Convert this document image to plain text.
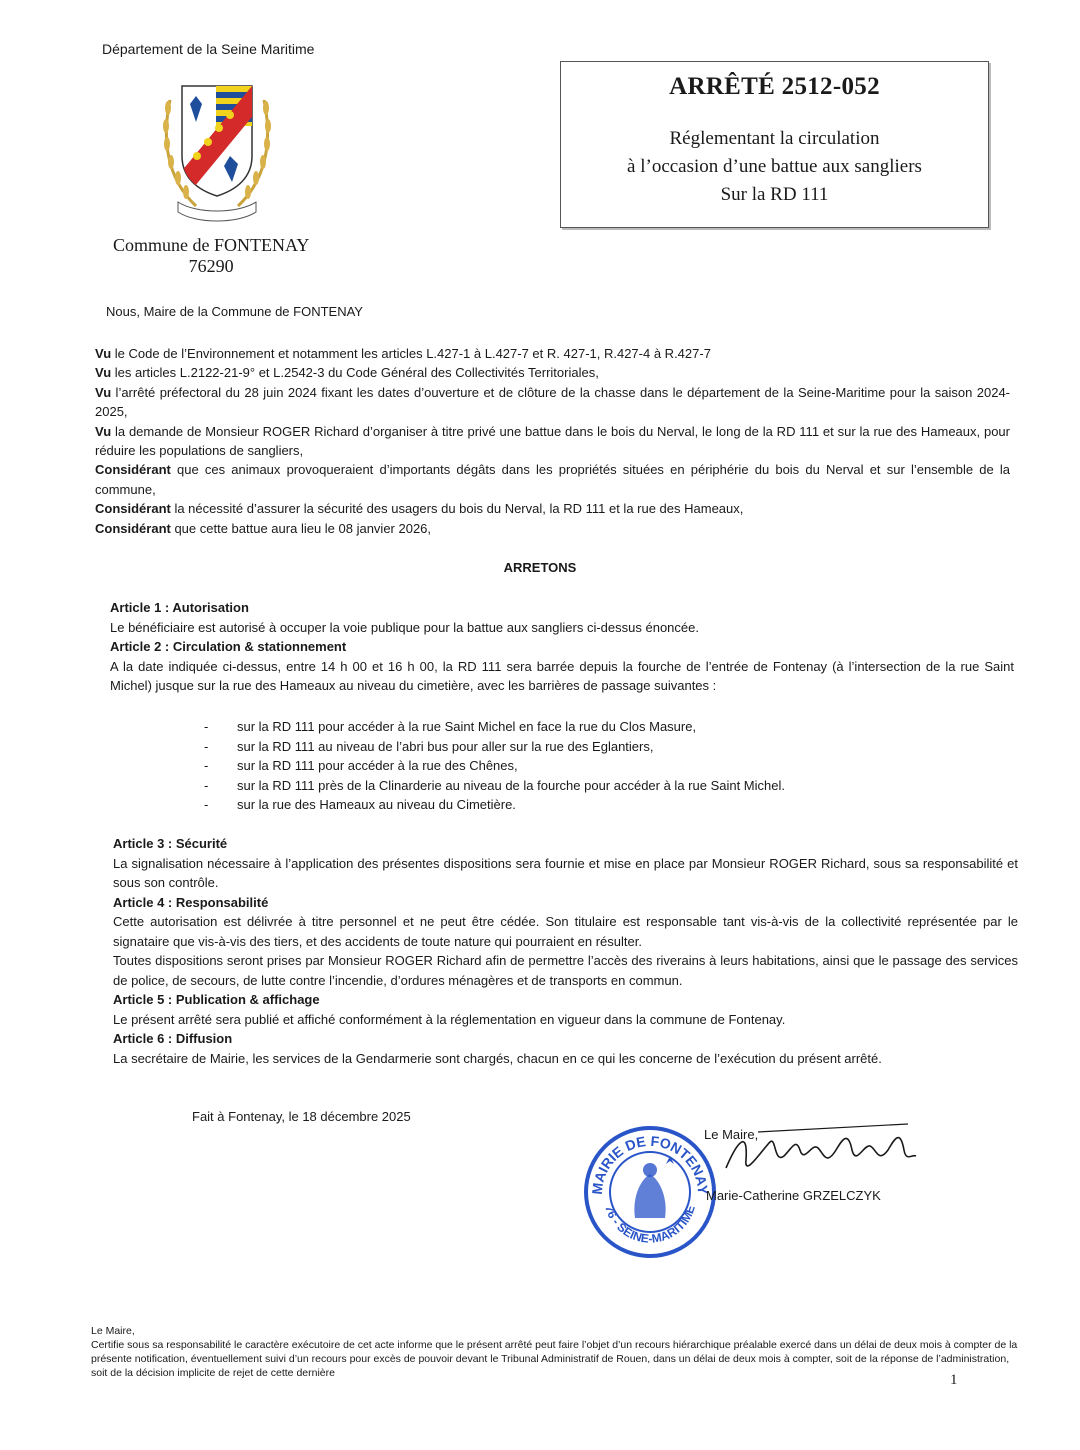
Département de la Seine Maritime
Commune de FONTENAY
76290
ARRÊTÉ 2512-052
Réglementant la circulation
à l’occasion d’une battue aux sangliers
Sur la RD 111
Nous, Maire de la Commune de FONTENAY

Vu le Code de l’Environnement et notamment les articles L.427-1 à L.427-7 et R. 427-1, R.427-4 à R.427-7

Vu les articles L.2122-21-9° et L.2542-3 du Code Général des Collectivités Territoriales,

Vu l’arrêté préfectoral du 28 juin 2024 fixant les dates d’ouverture et de clôture de la chasse dans le département de la Seine-Maritime pour la saison 2024-2025,

Vu la demande de Monsieur ROGER Richard d’organiser à titre privé une battue dans le bois du Nerval, le long de la RD 111 et sur la rue des Hameaux, pour réduire les populations de sangliers,

Considérant que ces animaux provoqueraient d’importants dégâts dans les propriétés situées en périphérie du bois du Nerval et sur l’ensemble de la commune,

Considérant la nécessité d’assurer la sécurité des usagers du bois du Nerval, la RD 111 et la rue des Hameaux,

Considérant que cette battue aura lieu le 08 janvier 2026,

ARRETONS

Article 1 : Autorisation

Le bénéficiaire est autorisé à occuper la voie publique pour la battue aux sangliers ci-dessus énoncée.

Article 2 : Circulation & stationnement

A la date indiquée ci-dessus, entre 14 h 00 et 16 h 00, la RD 111 sera barrée depuis la fourche de l’entrée de Fontenay (à l’intersection de la rue Saint Michel) jusque sur la rue des Hameaux au niveau du cimetière, avec les barrières de passage suivantes :

-	sur la RD 111 pour accéder à la rue Saint Michel en face la rue du Clos Masure,
-	sur la RD 111 au niveau de l’abri bus pour aller sur la rue des Eglantiers,
-	sur la RD 111 pour accéder à la rue des Chênes,
-	sur la RD 111 près de la Clinarderie au niveau de la fourche pour accéder à la rue Saint Michel.
-	sur la rue des Hameaux au niveau du Cimetière.

Article 3 : Sécurité

La signalisation nécessaire à l’application des présentes dispositions sera fournie et mise en place par Monsieur ROGER Richard, sous sa responsabilité et sous son contrôle.

Article 4 : Responsabilité

Cette autorisation est délivrée à titre personnel et ne peut être cédée. Son titulaire est responsable tant vis-à-vis de la collectivité représentée par le signataire que vis-à-vis des tiers, et des accidents de toute nature qui pourraient en résulter.

Toutes dispositions seront prises par Monsieur ROGER Richard afin de permettre l’accès des riverains à leurs habitations, ainsi que le passage des services de police, de secours, de lutte contre l’incendie, d’ordures ménagères et de transports en commun.

Article 5 : Publication & affichage

Le présent arrêté sera publié et affiché conformément à la réglementation en vigueur dans la commune de Fontenay.

Article 6 : Diffusion

La secrétaire de Mairie, les services de la Gendarmerie sont chargés, chacun en ce qui les concerne de l’exécution du présent arrêté.

Fait à Fontenay, le 18 décembre 2025
MAIRIE DE FONTENAY
76 - SEINE-MARITIME
Le Maire,
Marie-Catherine GRZELCZYK

Le Maire,

Certifie sous sa responsabilité le caractère exécutoire de cet acte informe que le présent arrêté peut faire l’objet d’un recours hiérarchique préalable exercé dans un délai de deux mois à compter de la présente notification, éventuellement suivi d’un recours pour excès de pouvoir devant le Tribunal Administratif de Rouen, dans un délai de deux mois à compter, soit de la réponse de l’administration, soit de la décision implicite de rejet de cette dernière	1
